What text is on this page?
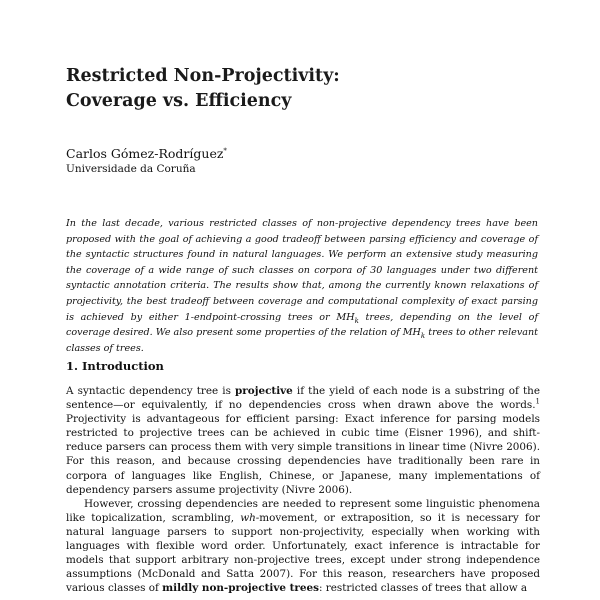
Restricted Non-Projectivity:
Coverage vs. Efficiency
Carlos Gómez-Rodríguez*
Universidade da Coruña

In the last decade, various restricted classes of non-projective dependency trees have been proposed with the goal of achieving a good tradeoff between parsing efficiency and coverage of the syntactic structures found in natural languages. We perform an extensive study measuring the coverage of a wide range of such classes on corpora of 30 languages under two different syntactic annotation criteria. The results show that, among the currently known relaxations of projectivity, the best tradeoff between coverage and computational complexity of exact parsing is achieved by either 1-endpoint-crossing trees or $MH_k$ trees, depending on the level of coverage desired. We also present some properties of the relation of $MH_k$ trees to other relevant classes of trees.

1. Introduction

A syntactic dependency tree is projective if the yield of each node is a substring of the sentence—or equivalently, if no dependencies cross when drawn above the words.$^1$ Projectivity is advantageous for efficient parsing: Exact inference for parsing models restricted to projective trees can be achieved in cubic time (Eisner 1996), and shift-reduce parsers can process them with very simple transitions in linear time (Nivre 2006). For this reason, and because crossing dependencies have traditionally been rare in corpora of languages like English, Chinese, or Japanese, many implementations of dependency parsers assume projectivity (Nivre 2006).

However, crossing dependencies are needed to represent some linguistic phenomena like topicalization, scrambling, wh-movement, or extraposition, so it is necessary for natural language parsers to support non-projectivity, especially when working with languages with flexible word order. Unfortunately, exact inference is intractable for models that support arbitrary non-projective trees, except under strong independence assumptions (McDonald and Satta 2007). For this reason, researchers have proposed various classes of mildly non-projective trees: restricted classes of trees that allow a
